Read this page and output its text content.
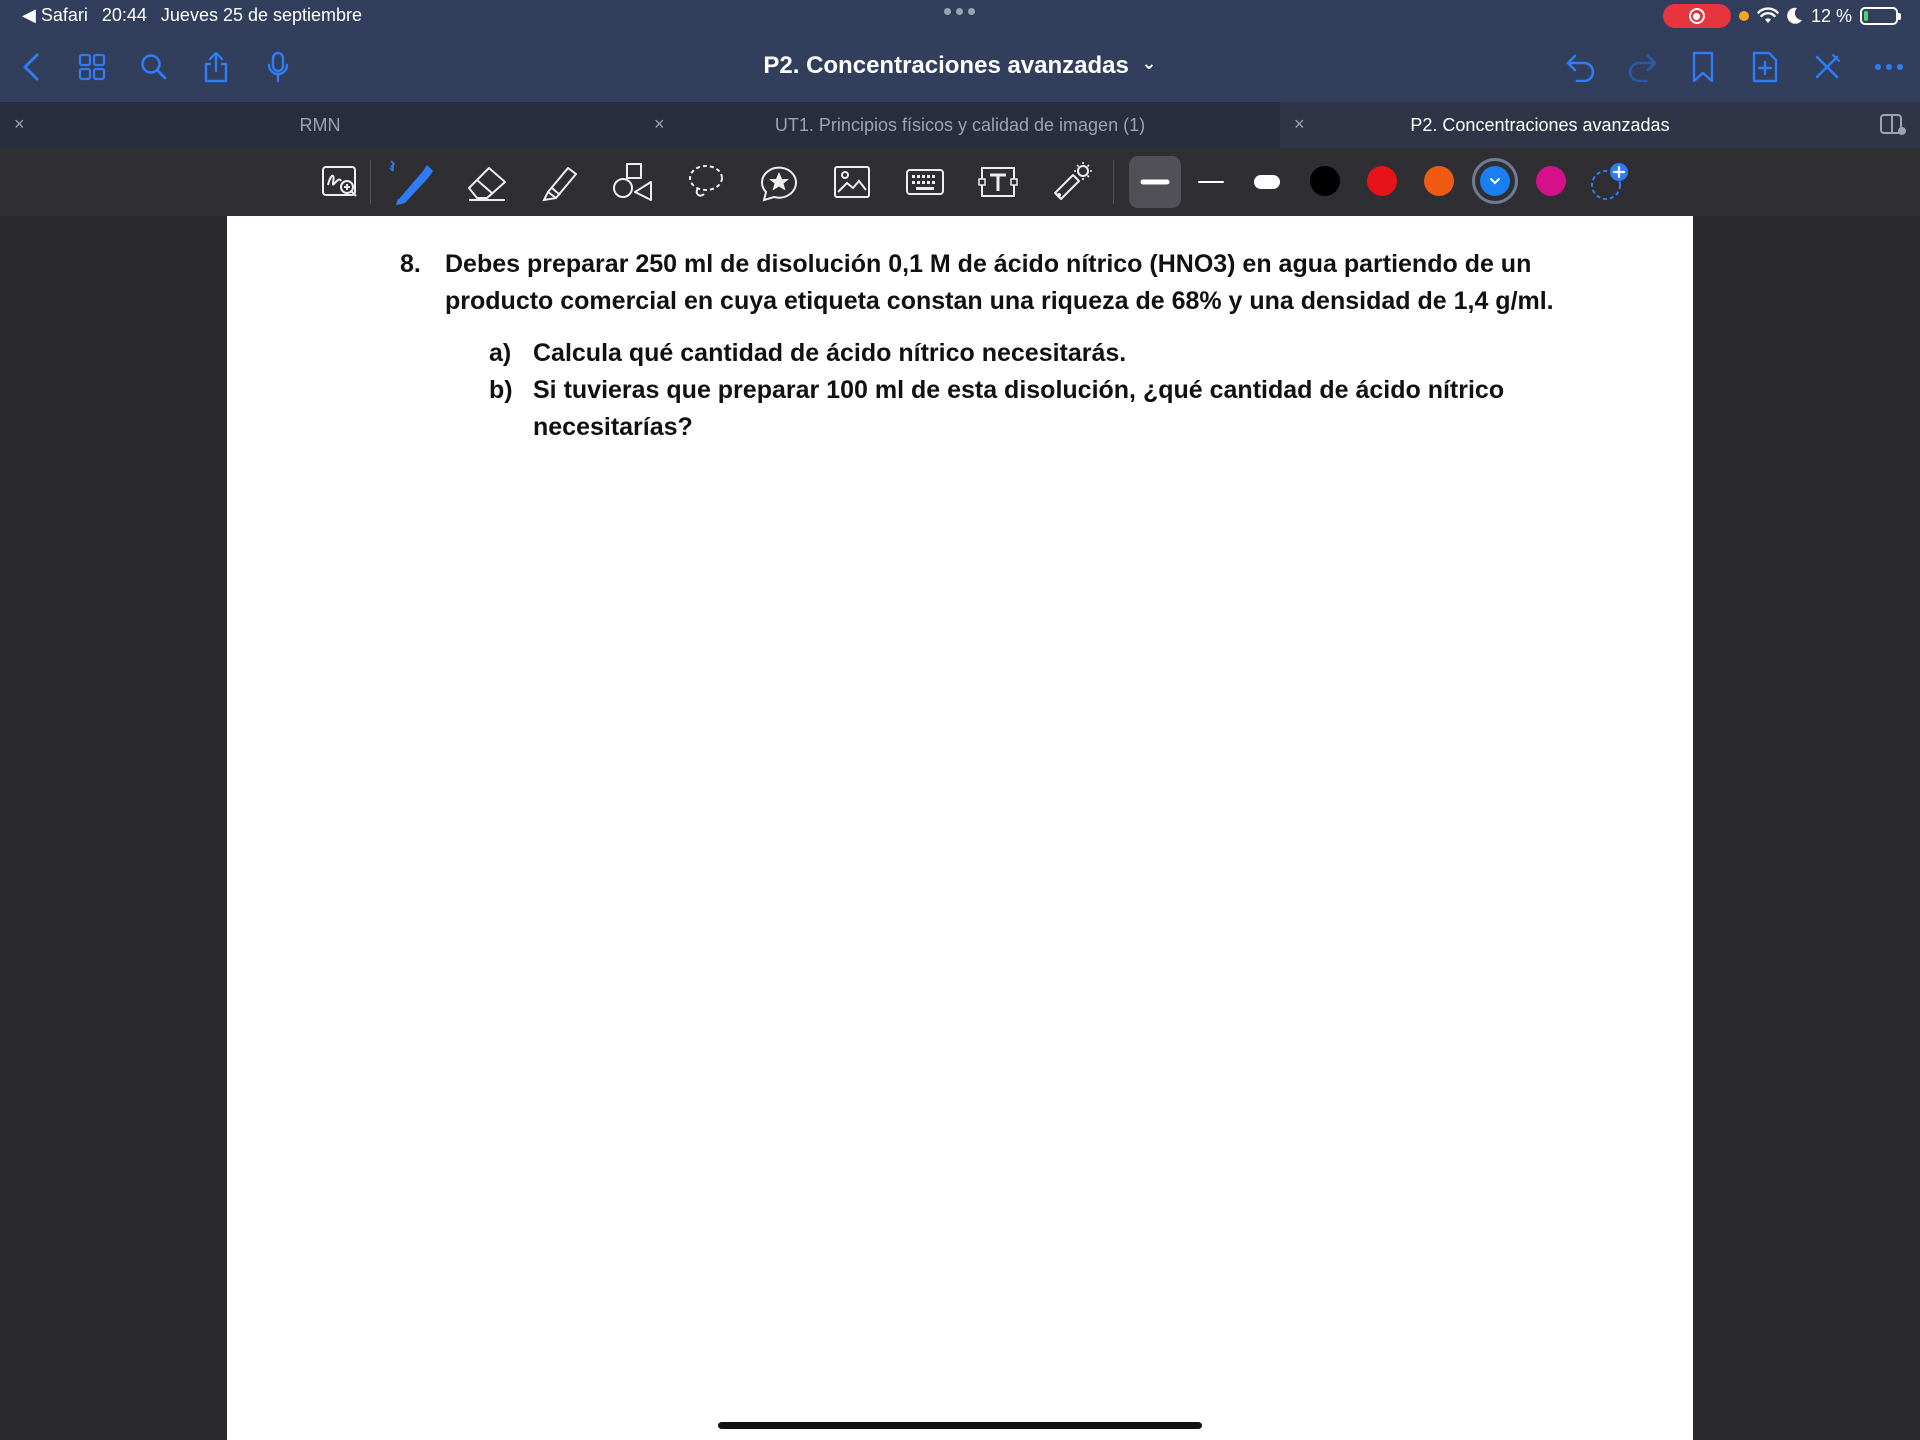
◀ Safari 20:44 Jueves 25 de septiembre	12 %
P2. Concentraciones avanzadas ⌄
×	RMN	×	UT1. Principios físicos y calidad de imagen (1)	×	P2. Concentraciones avanzadas
8. Debes preparar 250 ml de disolución 0,1 M de ácido nítrico (HNO3) en agua partiendo de un
producto comercial en cuya etiqueta constan una riqueza de 68% y una densidad de 1,4 g/ml.
a) Calcula qué cantidad de ácido nítrico necesitarás.
b) Si tuvieras que preparar 100 ml de esta disolución, ¿qué cantidad de ácido nítrico
necesitarías?
